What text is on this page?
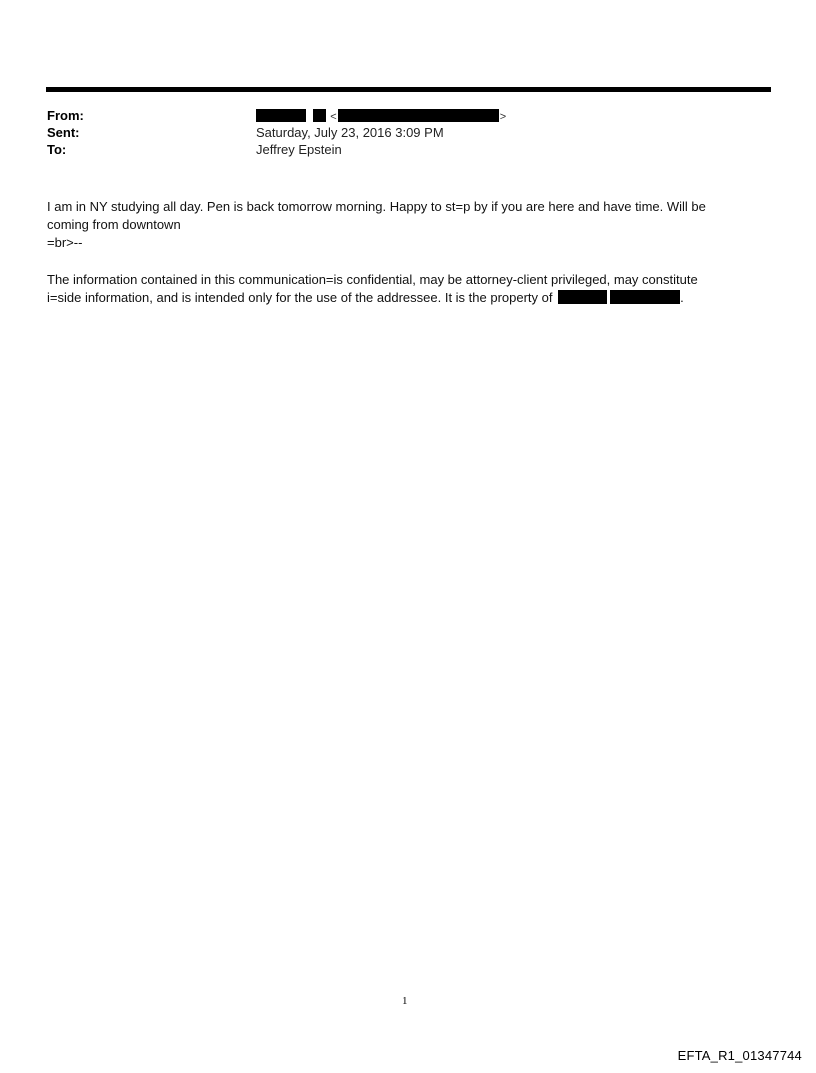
From:
Sent:
To:
<	>
Saturday, July 23, 2016 3:09 PM
Jeffrey Epstein

I am in NY studying all day. Pen is back tomorrow morning. Happy to st=p by if you are here and have time. Will be

coming from downtown

=br>--

The information contained in this communication=is confidential, may be attorney-client privileged, may constitute

i=side information, and is intended only for the use of the addressee. It is the property of	.

1
EFTA_R1_01347744
